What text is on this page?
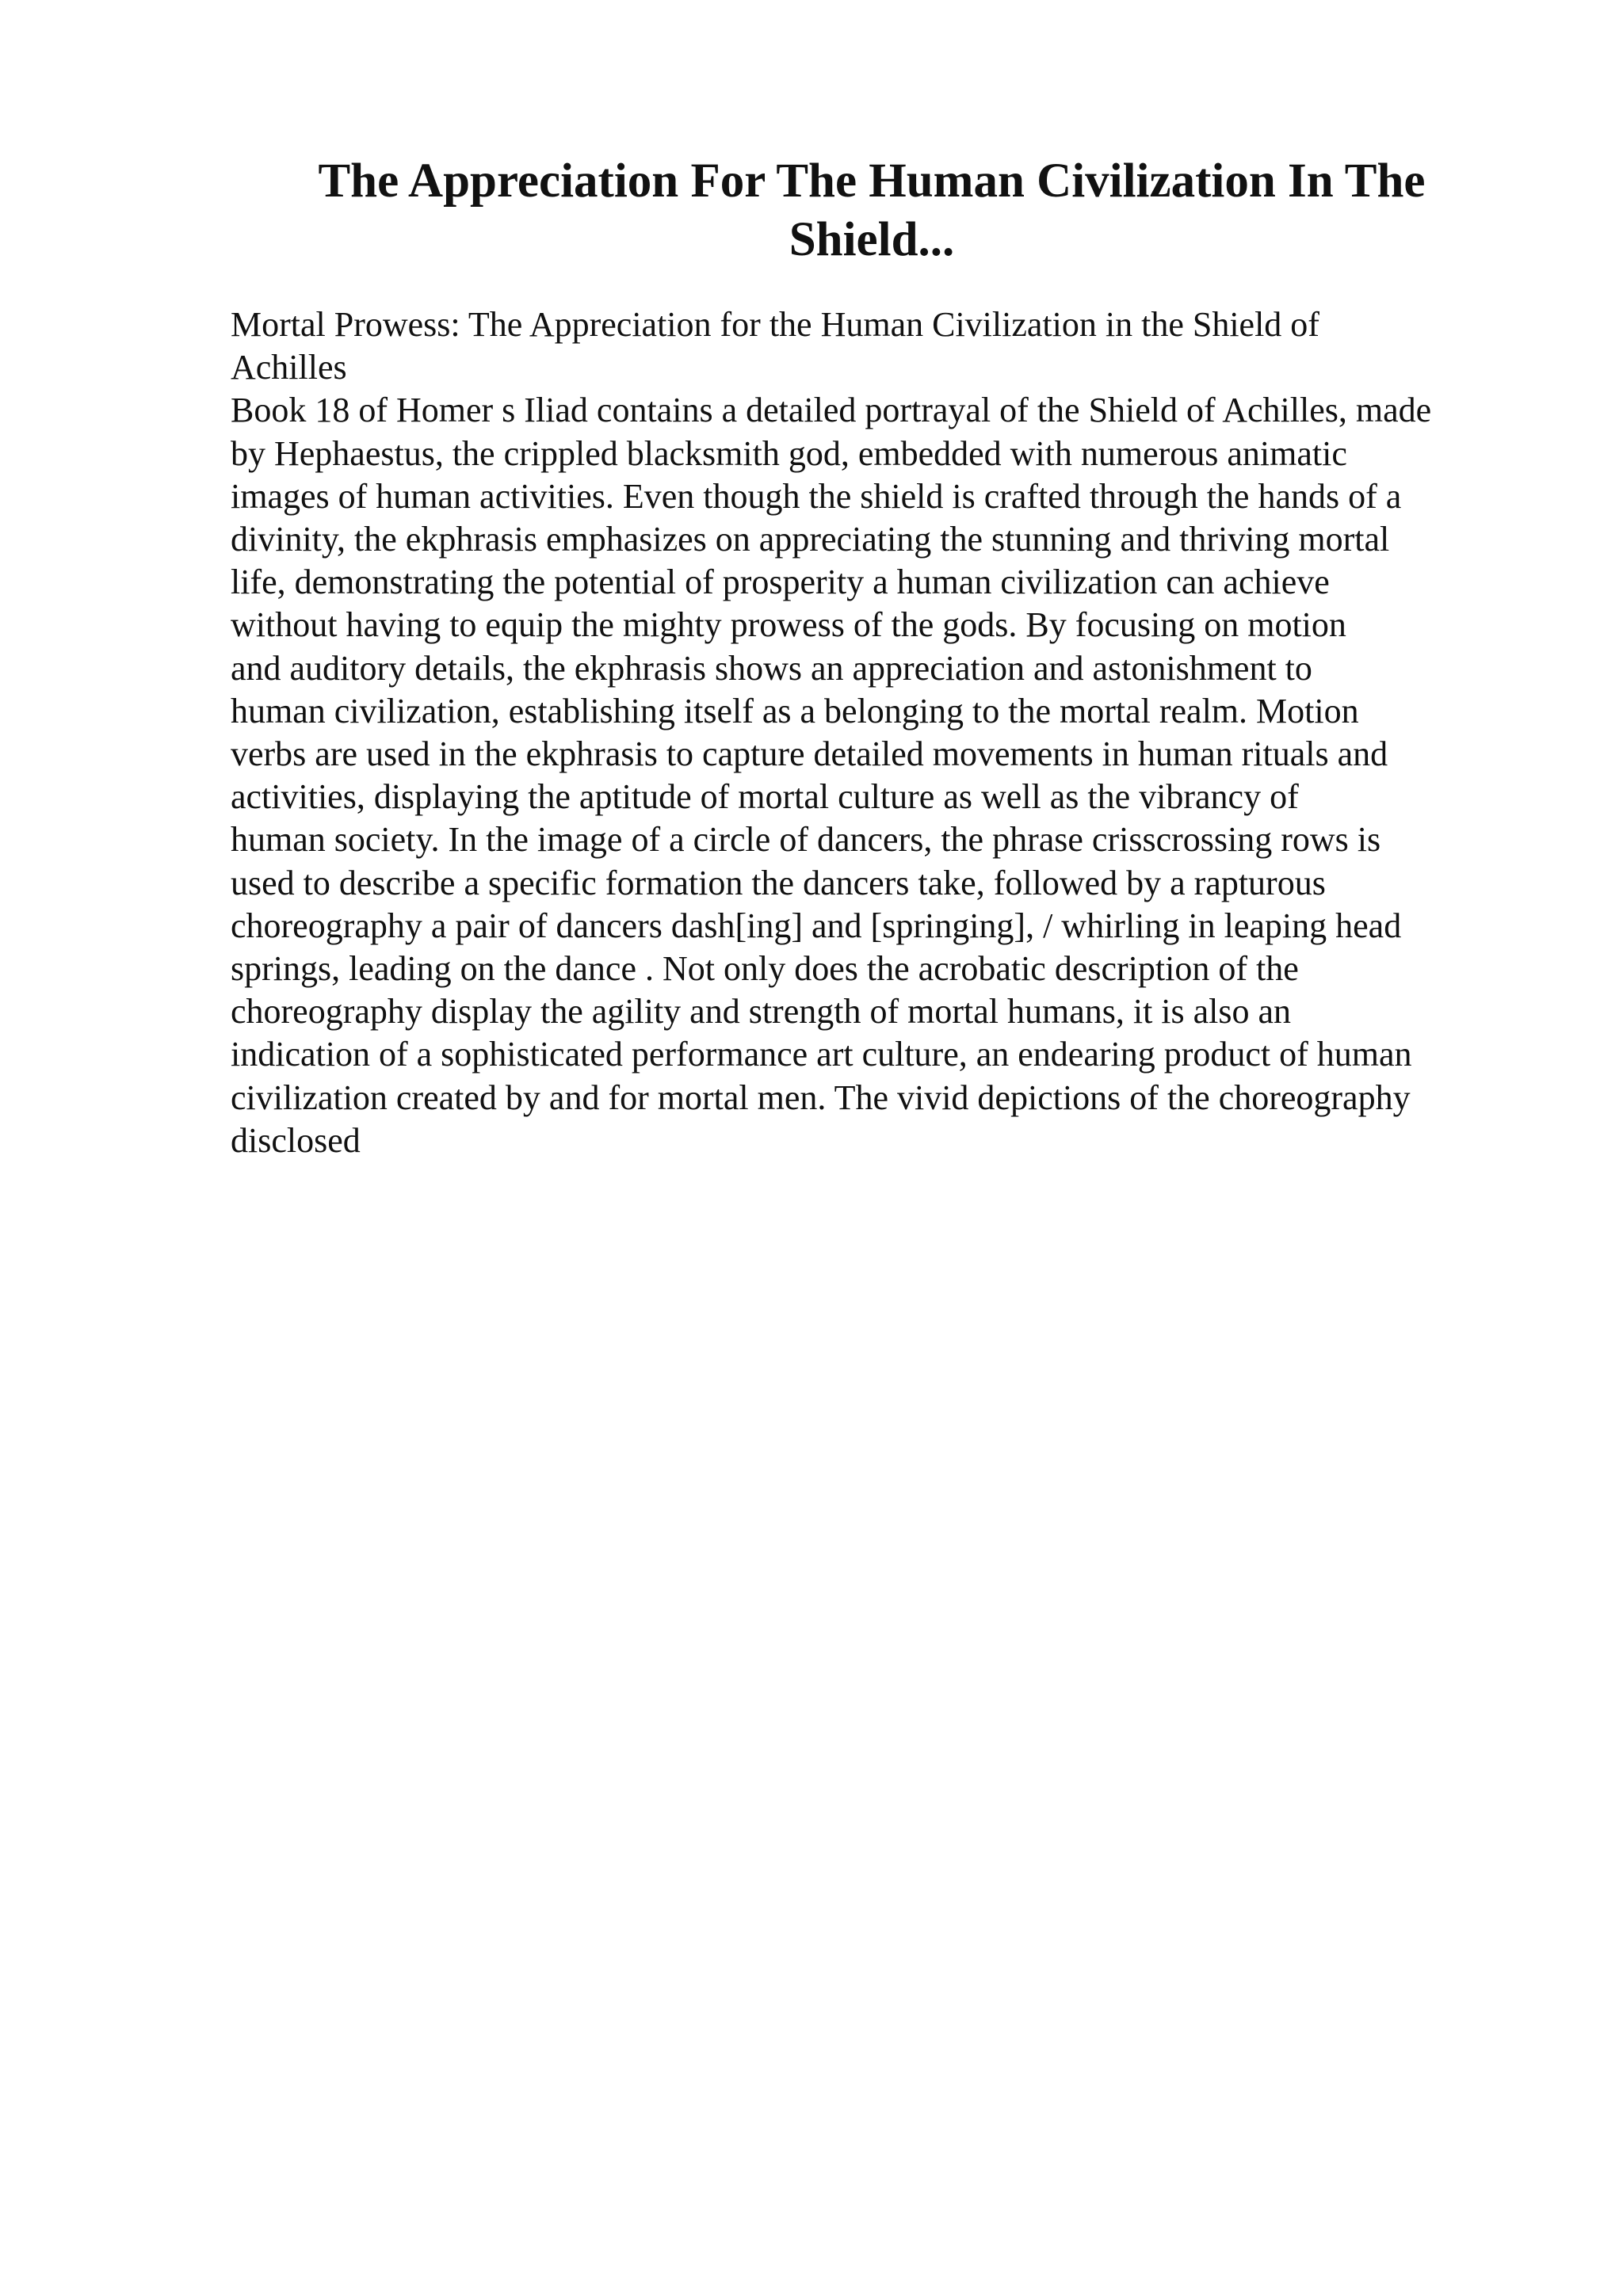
The Appreciation For The Human Civilization In The
Shield...
Mortal Prowess: The Appreciation for the Human Civilization in the Shield of
Achilles
Book 18 of Homer s Iliad contains a detailed portrayal of the Shield of Achilles, made
by Hephaestus, the crippled blacksmith god, embedded with numerous animatic
images of human activities. Even though the shield is crafted through the hands of a
divinity, the ekphrasis emphasizes on appreciating the stunning and thriving mortal
life, demonstrating the potential of prosperity a human civilization can achieve
without having to equip the mighty prowess of the gods. By focusing on motion
and auditory details, the ekphrasis shows an appreciation and astonishment to
human civilization, establishing itself as a belonging to the mortal realm. Motion
verbs are used in the ekphrasis to capture detailed movements in human rituals and
activities, displaying the aptitude of mortal culture as well as the vibrancy of
human society. In the image of a circle of dancers, the phrase crisscrossing rows is
used to describe a specific formation the dancers take, followed by a rapturous
choreography a pair of dancers dash[ing] and [springing], / whirling in leaping head
springs, leading on the dance . Not only does the acrobatic description of the
choreography display the agility and strength of mortal humans, it is also an
indication of a sophisticated performance art culture, an endearing product of human
civilization created by and for mortal men. The vivid depictions of the choreography
disclosed
